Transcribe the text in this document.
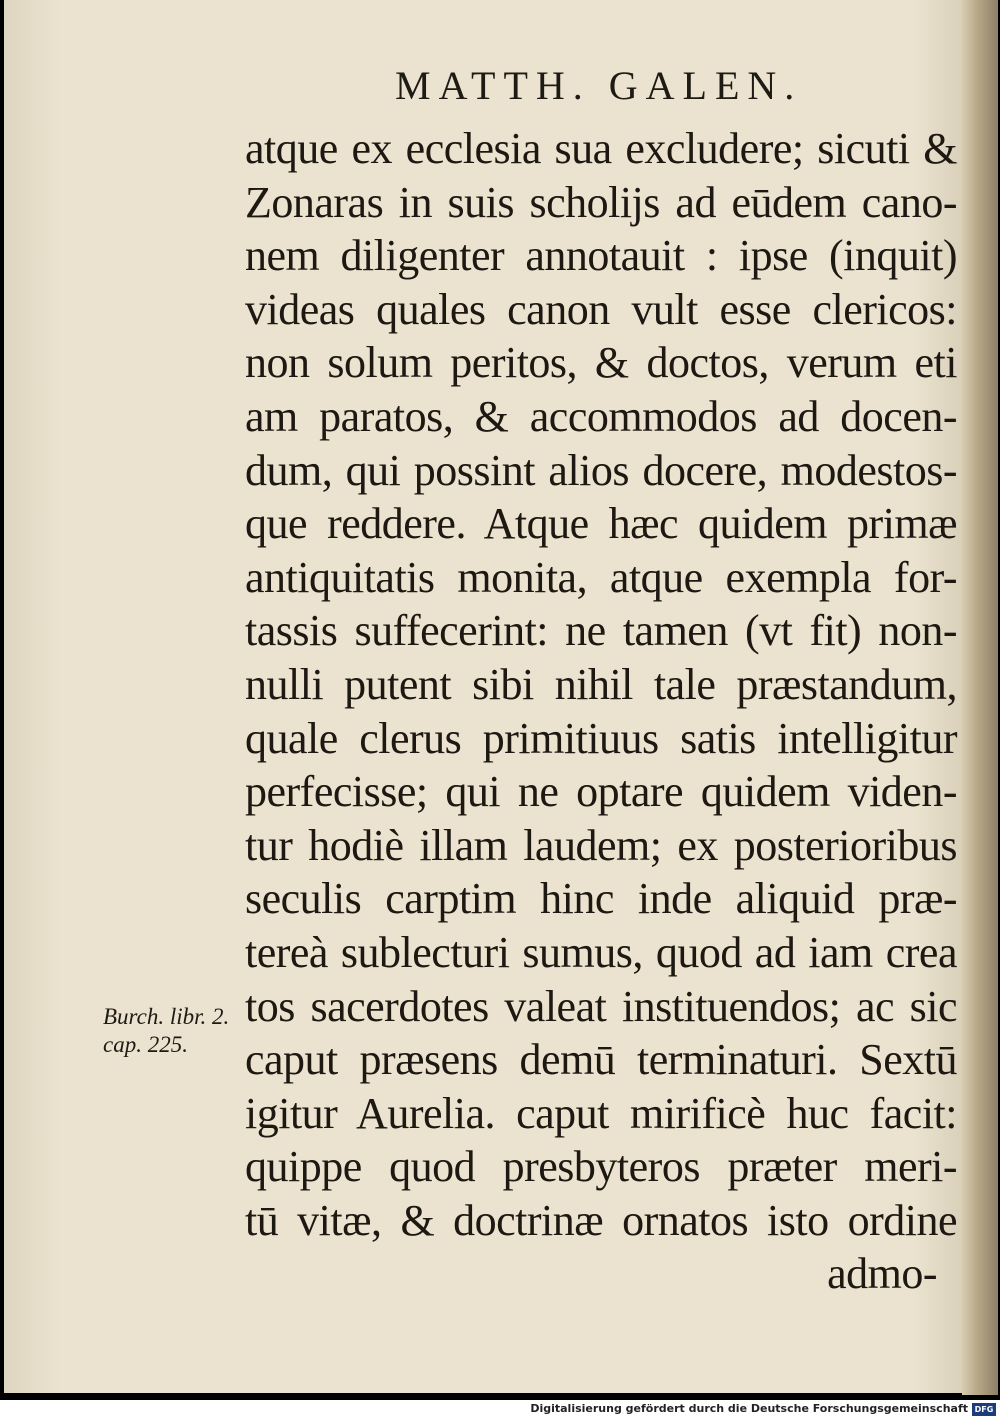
MATTH. GALEN.
atque ex ecclesia sua excludere; sicuti &
Zonaras in suis scholijs ad eūdem cano-
nem diligenter annotauit : ipse (inquit)
videas quales canon vult esse clericos:
non solum peritos, & doctos, verum eti
am paratos, & accommodos ad docen-
dum, qui possint alios docere, modestos-
que reddere. Atque hæc quidem primæ
antiquitatis monita, atque exempla for-
tassis suffecerint: ne tamen (vt fit) non-
nulli putent sibi nihil tale præstandum,
quale clerus primitiuus satis intelligitur
perfecisse; qui ne optare quidem viden-
tur hodiè illam laudem; ex posterioribus
seculis carptim hinc inde aliquid præ-
tereà sublecturi sumus, quod ad iam crea
tos sacerdotes valeat instituendos; ac sic
caput præsens demū terminaturi. Sextū
igitur Aurelia. caput mirificè huc facit:
quippe quod presbyteros præter meri-
tū vitæ, & doctrinæ ornatos isto ordine
admo-
Burch. libr. 2.
cap. 225.
Digitalisierung gefördert durch die Deutsche Forschungsgemeinschaft DFG
